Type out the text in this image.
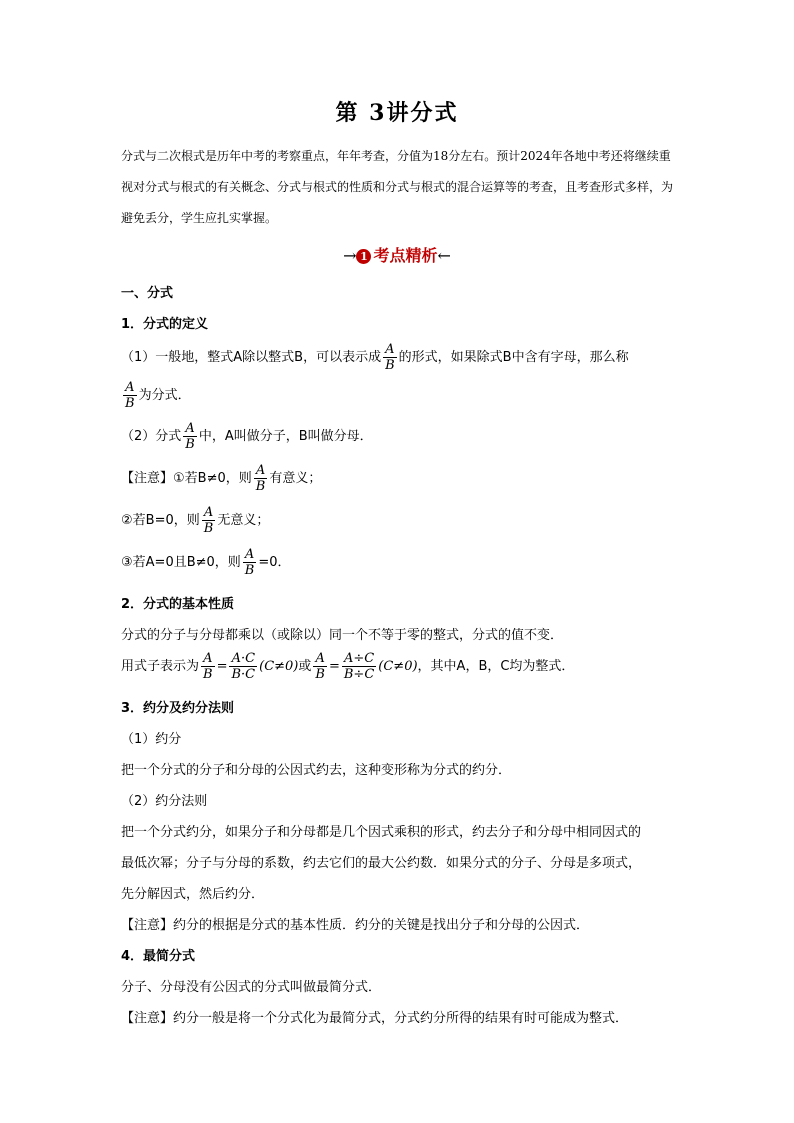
第 3讲分式
分式与二次根式是历年中考的考察重点，年年考查，分值为18分左右。预计2024年各地中考还将继续重视对分式与根式的有关概念、分式与根式的性质和分式与根式的混合运算等的考查，且考查形式多样，为避免丢分，学生应扎实掌握。
→ 1 考点精析←
一、分式
1．分式的定义
（1）一般地，整式A除以整式B，可以表示成 $\frac{A}{B}$ 的形式，如果除式B中含有字母，那么称
$\frac{A}{B}$ 为分式．
（2）分式 $\frac{A}{B}$ 中，A叫做分子，B叫做分母．
【注意】①若B≠0，则 $\frac{A}{B}$ 有意义；
②若B=0，则 $\frac{A}{B}$ 无意义；
③若A=0且B≠0，则 $\frac{A}{B} =0$．
2．分式的基本性质
分式的分子与分母都乘以（或除以）同一个不等于零的整式，分式的值不变．
用式子表示为 $\frac{A}{B} = \frac{A\cdot C}{B\cdot C} (C\ne 0)$或 $\frac{A}{B} = \frac{A\div C}{B\div C} (C\ne 0)$，其中A，B，C均为整式．
3．约分及约分法则
（1）约分
把一个分式的分子和分母的公因式约去，这种变形称为分式的约分．
（2）约分法则
把一个分式约分，如果分子和分母都是几个因式乘积的形式，约去分子和分母中相同因式的
最低次幂；分子与分母的系数，约去它们的最大公约数．如果分式的分子、分母是多项式，
先分解因式，然后约分．
【注意】约分的根据是分式的基本性质．约分的关键是找出分子和分母的公因式．
4．最简分式
分子、分母没有公因式的分式叫做最简分式．
【注意】约分一般是将一个分式化为最简分式，分式约分所得的结果有时可能成为整式．
